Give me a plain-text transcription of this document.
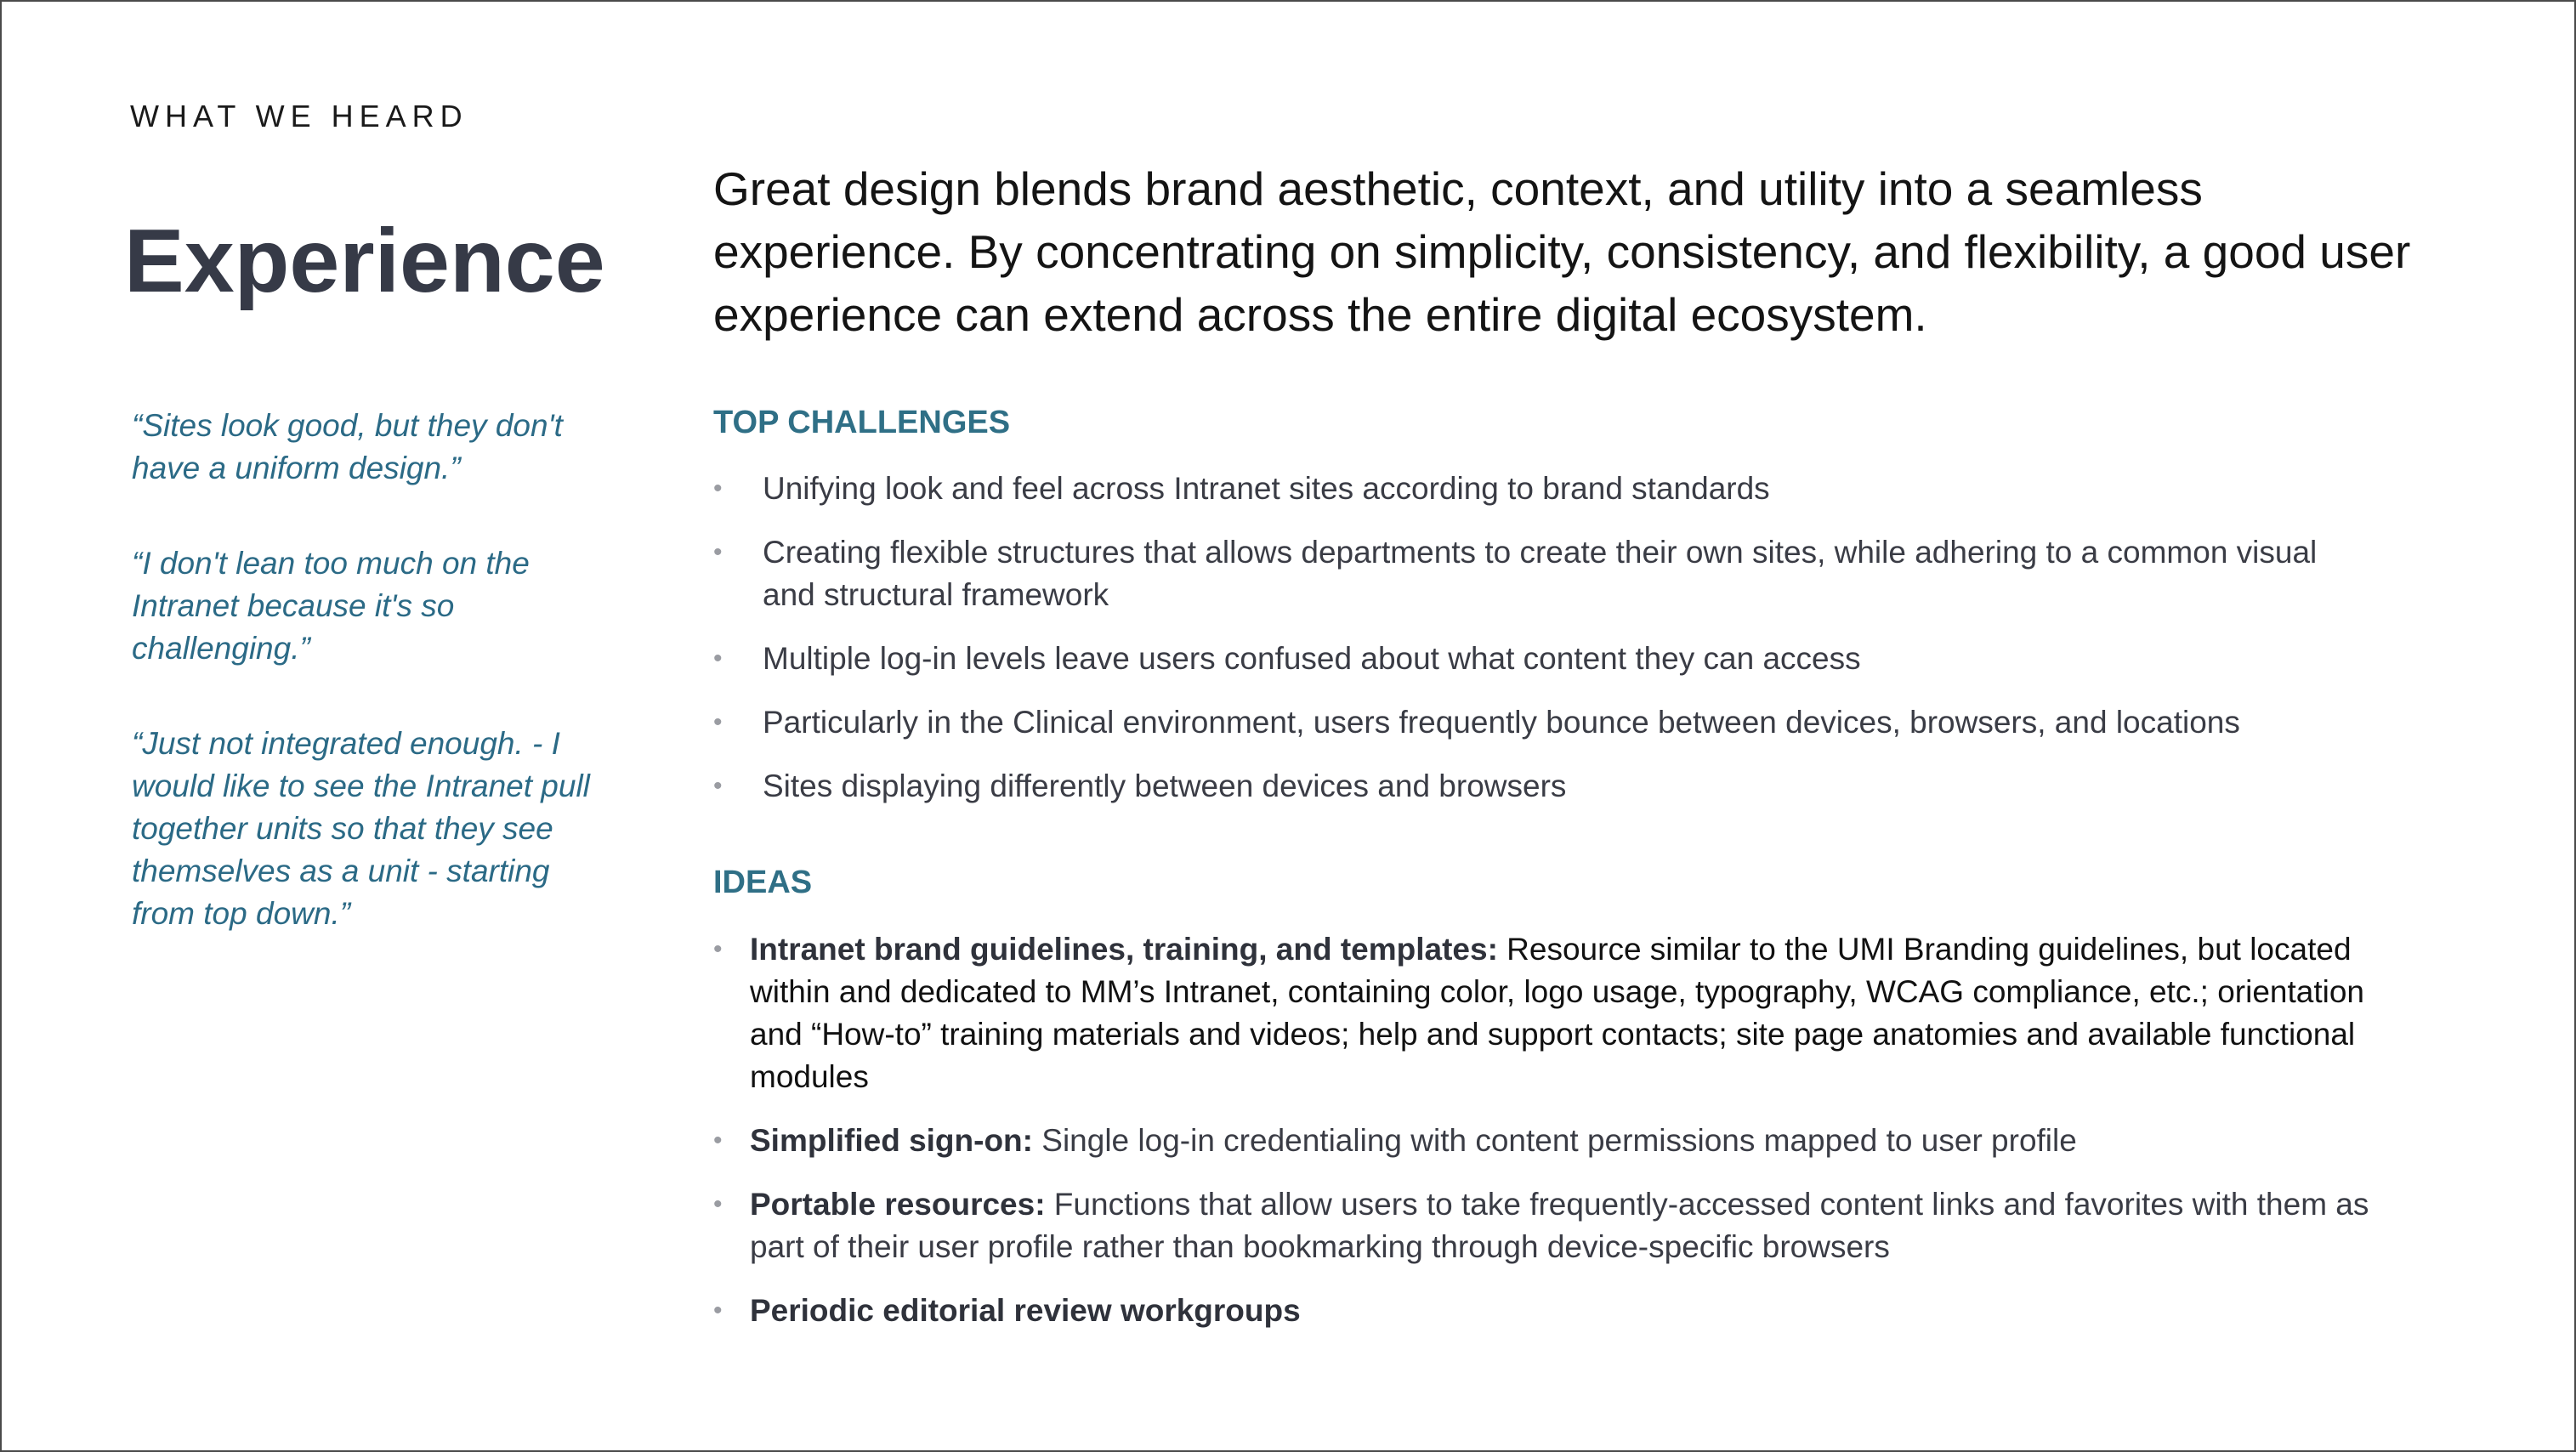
WHAT WE HEARD
Experience

“Sites look good, but they don't have a uniform design.”

“I don't lean too much on the Intranet because it's so challenging.”

“Just not integrated enough. - I would like to see the Intranet pull together units so that they see themselves as a unit - starting from top down.”

Great design blends brand aesthetic, context, and utility into a seamless experience. By concentrating on simplicity, consistency, and flexibility, a good user experience can extend across the entire digital ecosystem.
TOP CHALLENGES
• Unifying look and feel across Intranet sites according to brand standards
• Creating flexible structures that allows departments to create their own sites, while adhering to a common visual and structural framework
• Multiple log-in levels leave users confused about what content they can access
• Particularly in the Clinical environment, users frequently bounce between devices, browsers, and locations
• Sites displaying differently between devices and browsers
IDEAS
• Intranet brand guidelines, training, and templates: Resource similar to the UMI Branding guidelines, but located within and dedicated to MM’s Intranet, containing color, logo usage, typography, WCAG compliance, etc.; orientation and “How-to” training materials and videos; help and support contacts; site page anatomies and available functional modules
• Simplified sign-on: Single log-in credentialing with content permissions mapped to user profile
• Portable resources: Functions that allow users to take frequently-accessed content links and favorites with them as part of their user profile rather than bookmarking through device-specific browsers
• Periodic editorial review workgroups
